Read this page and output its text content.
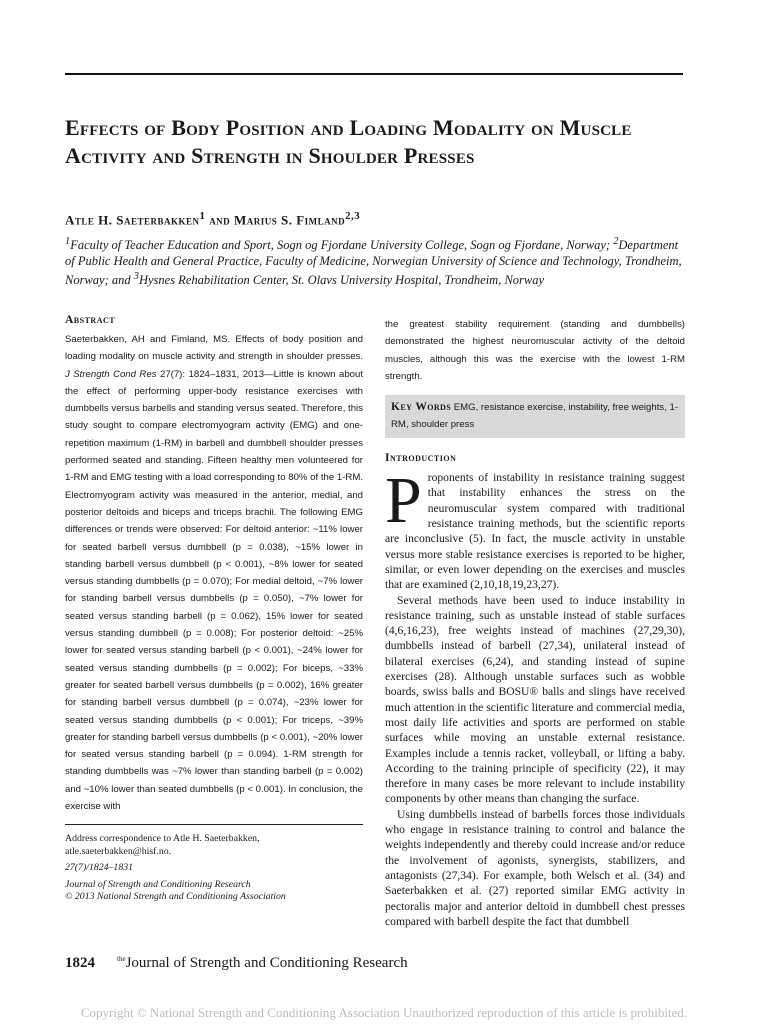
Effects of Body Position and Loading Modality on Muscle Activity and Strength in Shoulder Presses
Atle H. Saeterbakken$^1$ and Marius S. Fimland$^{2,3}$
$^1$Faculty of Teacher Education and Sport, Sogn og Fjordane University College, Sogn og Fjordane, Norway; $^2$Department of Public Health and General Practice, Faculty of Medicine, Norwegian University of Science and Technology, Trondheim, Norway; and $^3$Hysnes Rehabilitation Center, St. Olavs University Hospital, Trondheim, Norway
Abstract

Saeterbakken, AH and Fimland, MS. Effects of body position and loading modality on muscle activity and strength in shoulder presses. J Strength Cond Res 27(7): 1824–1831, 2013—Little is known about the effect of performing upper-body resistance exercises with dumbbells versus barbells and standing versus seated. Therefore, this study sought to compare electromyogram activity (EMG) and one-repetition maximum (1-RM) in barbell and dumbbell shoulder presses performed seated and standing. Fifteen healthy men volunteered for 1-RM and EMG testing with a load corresponding to 80% of the 1-RM. Electromyogram activity was measured in the anterior, medial, and posterior deltoids and biceps and triceps brachii. The following EMG differences or trends were observed: For deltoid anterior: ~11% lower for seated barbell versus dumbbell (p = 0.038), ~15% lower in standing barbell versus dumbbell (p < 0.001), ~8% lower for seated versus standing dumbbells (p = 0.070); For medial deltoid, ~7% lower for standing barbell versus dumbbells (p = 0.050), ~7% lower for seated versus standing barbell (p = 0.062), 15% lower for seated versus standing dumbbell (p = 0.008); For posterior deltoid: ~25% lower for seated versus standing barbell (p < 0.001), ~24% lower for seated versus standing dumbbells (p = 0.002); For biceps, ~33% greater for seated barbell versus dumbbells (p = 0.002), 16% greater for standing barbell versus dumbbell (p = 0.074), ~23% lower for seated versus standing dumbbells (p < 0.001); For triceps, ~39% greater for standing barbell versus dumbbells (p < 0.001), ~20% lower for seated versus standing barbell (p = 0.094). 1-RM strength for standing dumbbells was ~7% lower than standing barbell (p = 0.002) and ~10% lower than seated dumbbells (p < 0.001). In conclusion, the exercise with

Address correspondence to Atle H. Saeterbakken, atle.saeterbakken@hisf.no.

27(7)/1824–1831

Journal of Strength and Conditioning Research

© 2013 National Strength and Conditioning Association

1824	$^{the}$Journal of Strength and Conditioning Research

the greatest stability requirement (standing and dumbbells) demonstrated the highest neuromuscular activity of the deltoid muscles, although this was the exercise with the lowest 1-RM strength.

Key Words EMG, resistance exercise, instability, free weights, 1-RM, shoulder press
Introduction

Proponents of instability in resistance training suggest that instability enhances the stress on the neuromuscular system compared with traditional resistance training methods, but the scientific reports are inconclusive (5). In fact, the muscle activity in unstable versus more stable resistance exercises is reported to be higher, similar, or even lower depending on the exercises and muscles that are examined (2,10,18,19,23,27).

Several methods have been used to induce instability in resistance training, such as unstable instead of stable surfaces (4,6,16,23), free weights instead of machines (27,29,30), dumbbells instead of barbell (27,34), unilateral instead of bilateral exercises (6,24), and standing instead of supine exercises (28). Although unstable surfaces such as wobble boards, swiss balls and BOSU® balls and slings have received much attention in the scientific literature and commercial media, most daily life activities and sports are performed on stable surfaces while moving an unstable external resistance. Examples include a tennis racket, volleyball, or lifting a baby. According to the training principle of specificity (22), it may therefore in many cases be more relevant to include instability components by other means than changing the surface.

Using dumbbells instead of barbells forces those individuals who engage in resistance training to control and balance the weights independently and thereby could increase and/or reduce the involvement of agonists, synergists, stabilizers, and antagonists (27,34). For example, both Welsch et al. (34) and Saeterbakken et al. (27) reported similar EMG activity in pectoralis major and anterior deltoid in dumbbell chest presses compared with barbell despite the fact that dumbbell

Copyright © National Strength and Conditioning Association Unauthorized reproduction of this article is prohibited.
